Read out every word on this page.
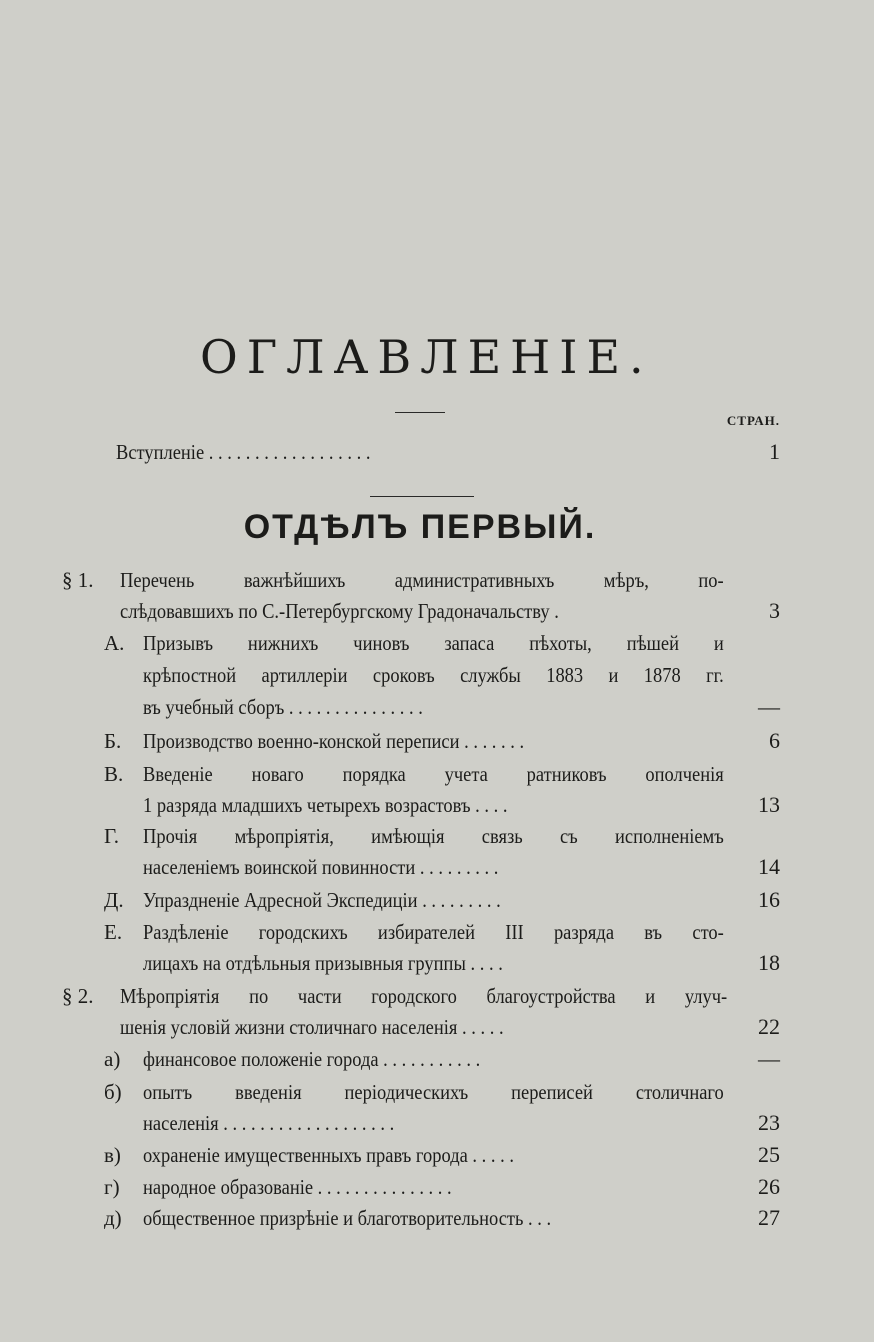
ОГЛАВЛЕНІЕ.
СТРАН.
Вступленіе . . . . . . . . . . . . . . . . . .	1
ОТДѢЛЪ ПЕРВЫЙ.
§ 1. Перечень важнѣйшихъ административныхъ мѣръ, по-
слѣдовавшихъ по С.-Петербургскому Градоначальству .	3
А. Призывъ нижнихъ чиновъ запаса пѣхоты, пѣшей и
крѣпостной артиллеріи сроковъ службы 1883 и 1878 гг.
въ учебный сборъ . . . . . . . . . . . . . . .	—
Б. Производство военно-конской переписи . . . . . . .	6
В. Введеніе новаго порядка учета ратниковъ ополченія
1 разряда младшихъ четырехъ возрастовъ . . . .	13
Г. Прочія мѣропріятія, имѣющія связь съ исполненіемъ
населеніемъ воинской повинности . . . . . . . . .	14
Д. Упраздненіе Адресной Экспедиціи . . . . . . . . .	16
Е. Раздѣленіе городскихъ избирателей III разряда въ сто-
лицахъ на отдѣльныя призывныя группы . . . .	18
§ 2. Мѣропріятія по части городского благоустройства и улуч-
шенія условій жизни столичнаго населенія . . . . .	22
а) финансовое положеніе города . . . . . . . . . . .	—
б) опытъ введенія періодическихъ переписей столичнаго
населенія . . . . . . . . . . . . . . . . . . .	23
в) охраненіе имущественныхъ правъ города . . . . .	25
г) народное образованіе . . . . . . . . . . . . . . .	26
д) общественное призрѣніе и благотворительность . . .	27
